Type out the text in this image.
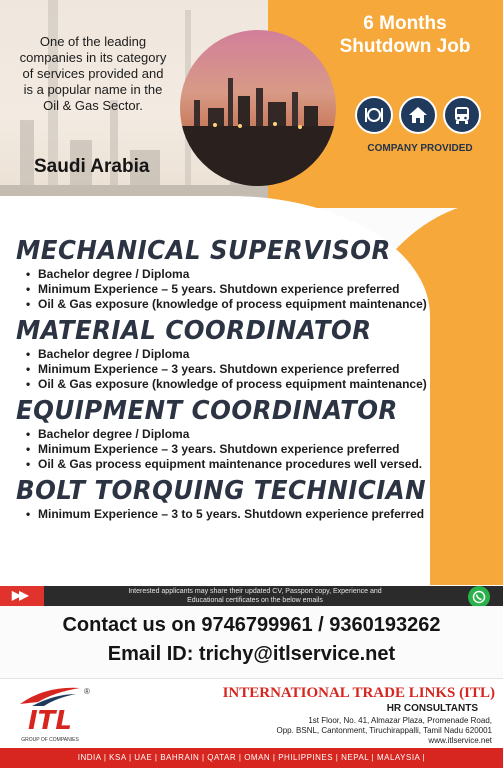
One of the leading companies in its category of services provided and is a popular name in the Oil & Gas Sector.
Saudi Arabia
6 Months
Shutdown Job
COMPANY PROVIDED
MECHANICAL SUPERVISOR
• Bachelor degree / Diploma
• Minimum Experience – 5 years. Shutdown experience preferred
• Oil & Gas exposure (knowledge of process equipment maintenance)
MATERIAL COORDINATOR
• Bachelor degree / Diploma
• Minimum Experience – 3 years. Shutdown experience preferred
• Oil & Gas exposure (knowledge of process equipment maintenance)
EQUIPMENT COORDINATOR
• Bachelor degree / Diploma
• Minimum Experience – 3 years. Shutdown experience preferred
• Oil & Gas process equipment maintenance procedures well versed.
BOLT TORQUING TECHNICIAN
• Minimum Experience – 3 to 5 years. Shutdown experience preferred
▶▶	Interested applicants may share their updated CV, Passport copy, Experience and Educational certificates on the below emails
Contact us on 9746799961 / 9360193262
Email ID: trichy@itlservice.net
ITL
GROUP OF COMPANIES
®	INTERNATIONAL TRADE LINKS (ITL)
HR CONSULTANTS
1st Floor, No. 41, Almazar Plaza, Promenade Road,
Opp. BSNL, Cantonment, Tiruchirappalli, Tamil Nadu 620001
www.itlservice.net
INDIA | KSA | UAE | BAHRAIN | QATAR | OMAN | PHILIPPINES | NEPAL | MALAYSIA |
